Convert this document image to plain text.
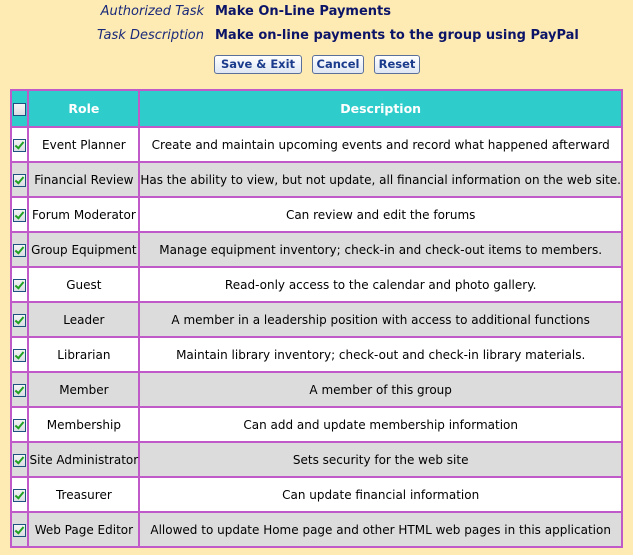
Authorized Task Make On-Line Payments
Task Description Make on-line payments to the group using PayPal
Save & Exit	Cancel	Reset
	Role	Description
	Event Planner	Create and maintain upcoming events and record what happened afterward
	Financial Review	Has the ability to view, but not update, all financial information on the web site.
	Forum Moderator	Can review and edit the forums
	Group Equipment	Manage equipment inventory; check-in and check-out items to members.
	Guest	Read-only access to the calendar and photo gallery.
	Leader	A member in a leadership position with access to additional functions
	Librarian	Maintain library inventory; check-out and check-in library materials.
	Member	A member of this group
	Membership	Can add and update membership information
	Site Administrator	Sets security for the web site
	Treasurer	Can update financial information
	Web Page Editor	Allowed to update Home page and other HTML web pages in this application
